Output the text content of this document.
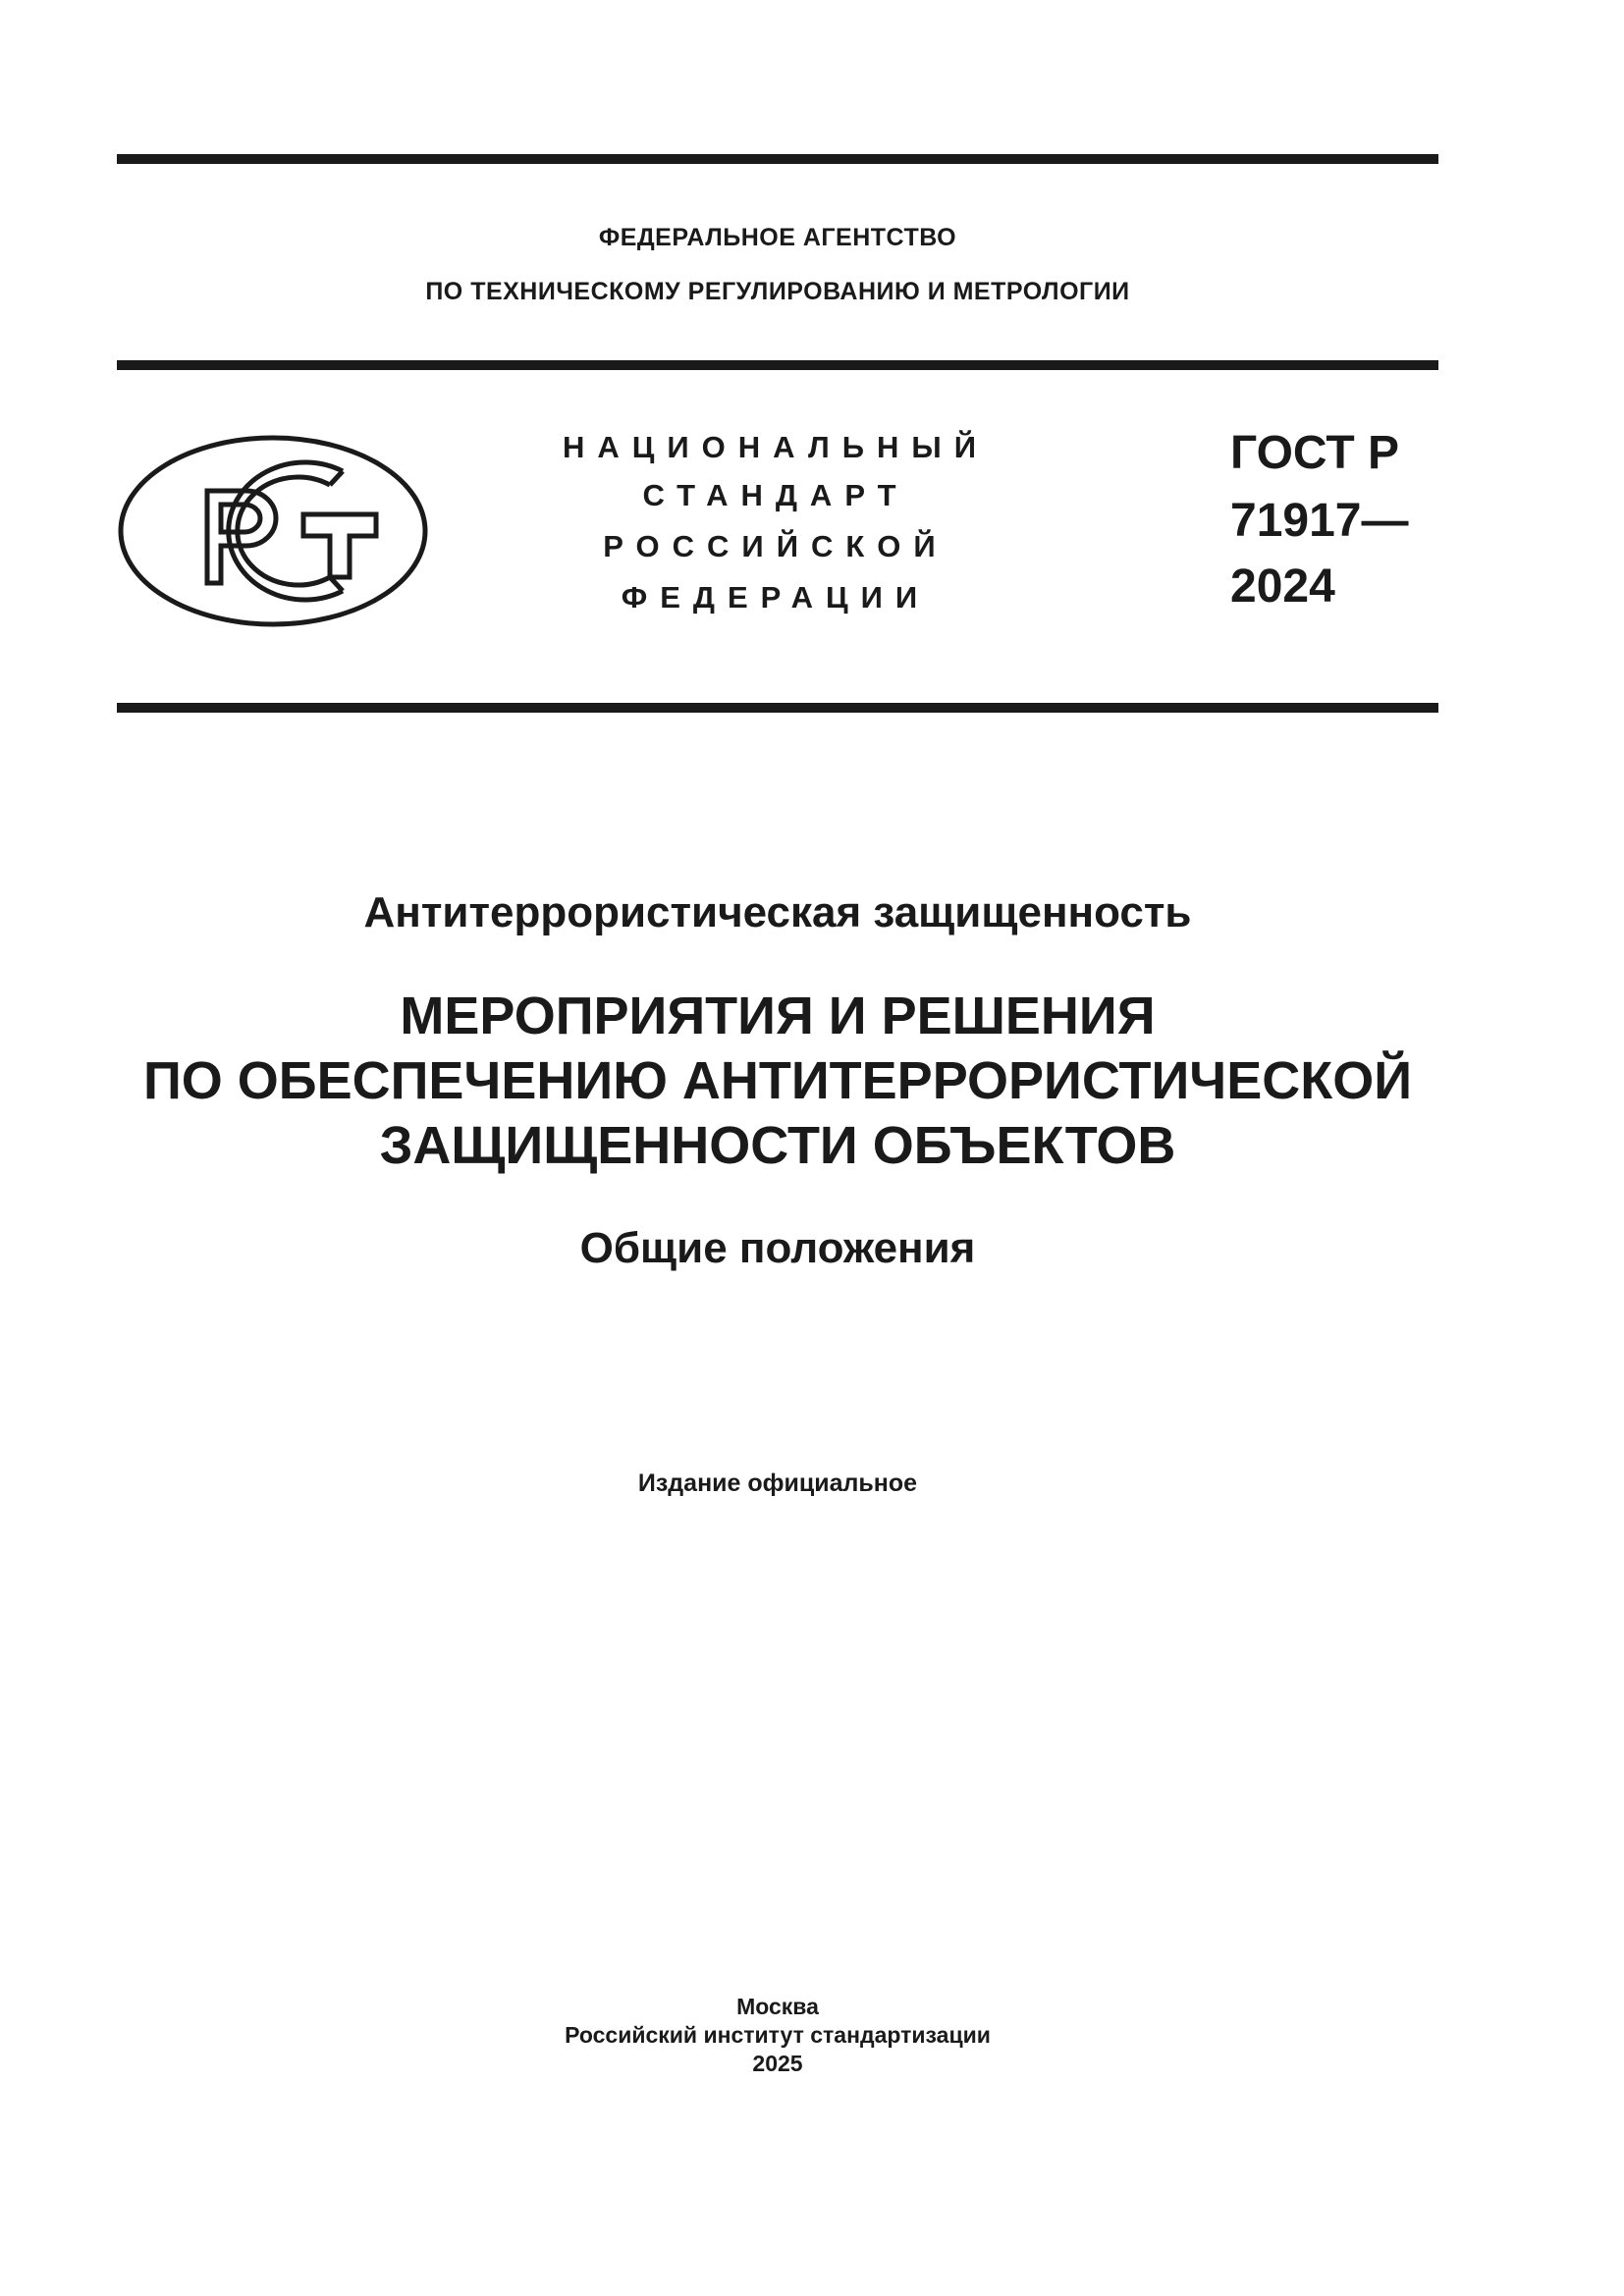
ФЕДЕРАЛЬНОЕ АГЕНТСТВО
ПО ТЕХНИЧЕСКОМУ РЕГУЛИРОВАНИЮ И МЕТРОЛОГИИ
НАЦИОНАЛЬНЫЙ
СТАНДАРТ
РОССИЙСКОЙ
ФЕДЕРАЦИИ
ГОСТ Р
71917—
2024
Антитеррористическая защищенность
МЕРОПРИЯТИЯ И РЕШЕНИЯ
ПО ОБЕСПЕЧЕНИЮ АНТИТЕРРОРИСТИЧЕСКОЙ
ЗАЩИЩЕННОСТИ ОБЪЕКТОВ
Общие положения
Издание официальное
Москва
Российский институт стандартизации
2025
